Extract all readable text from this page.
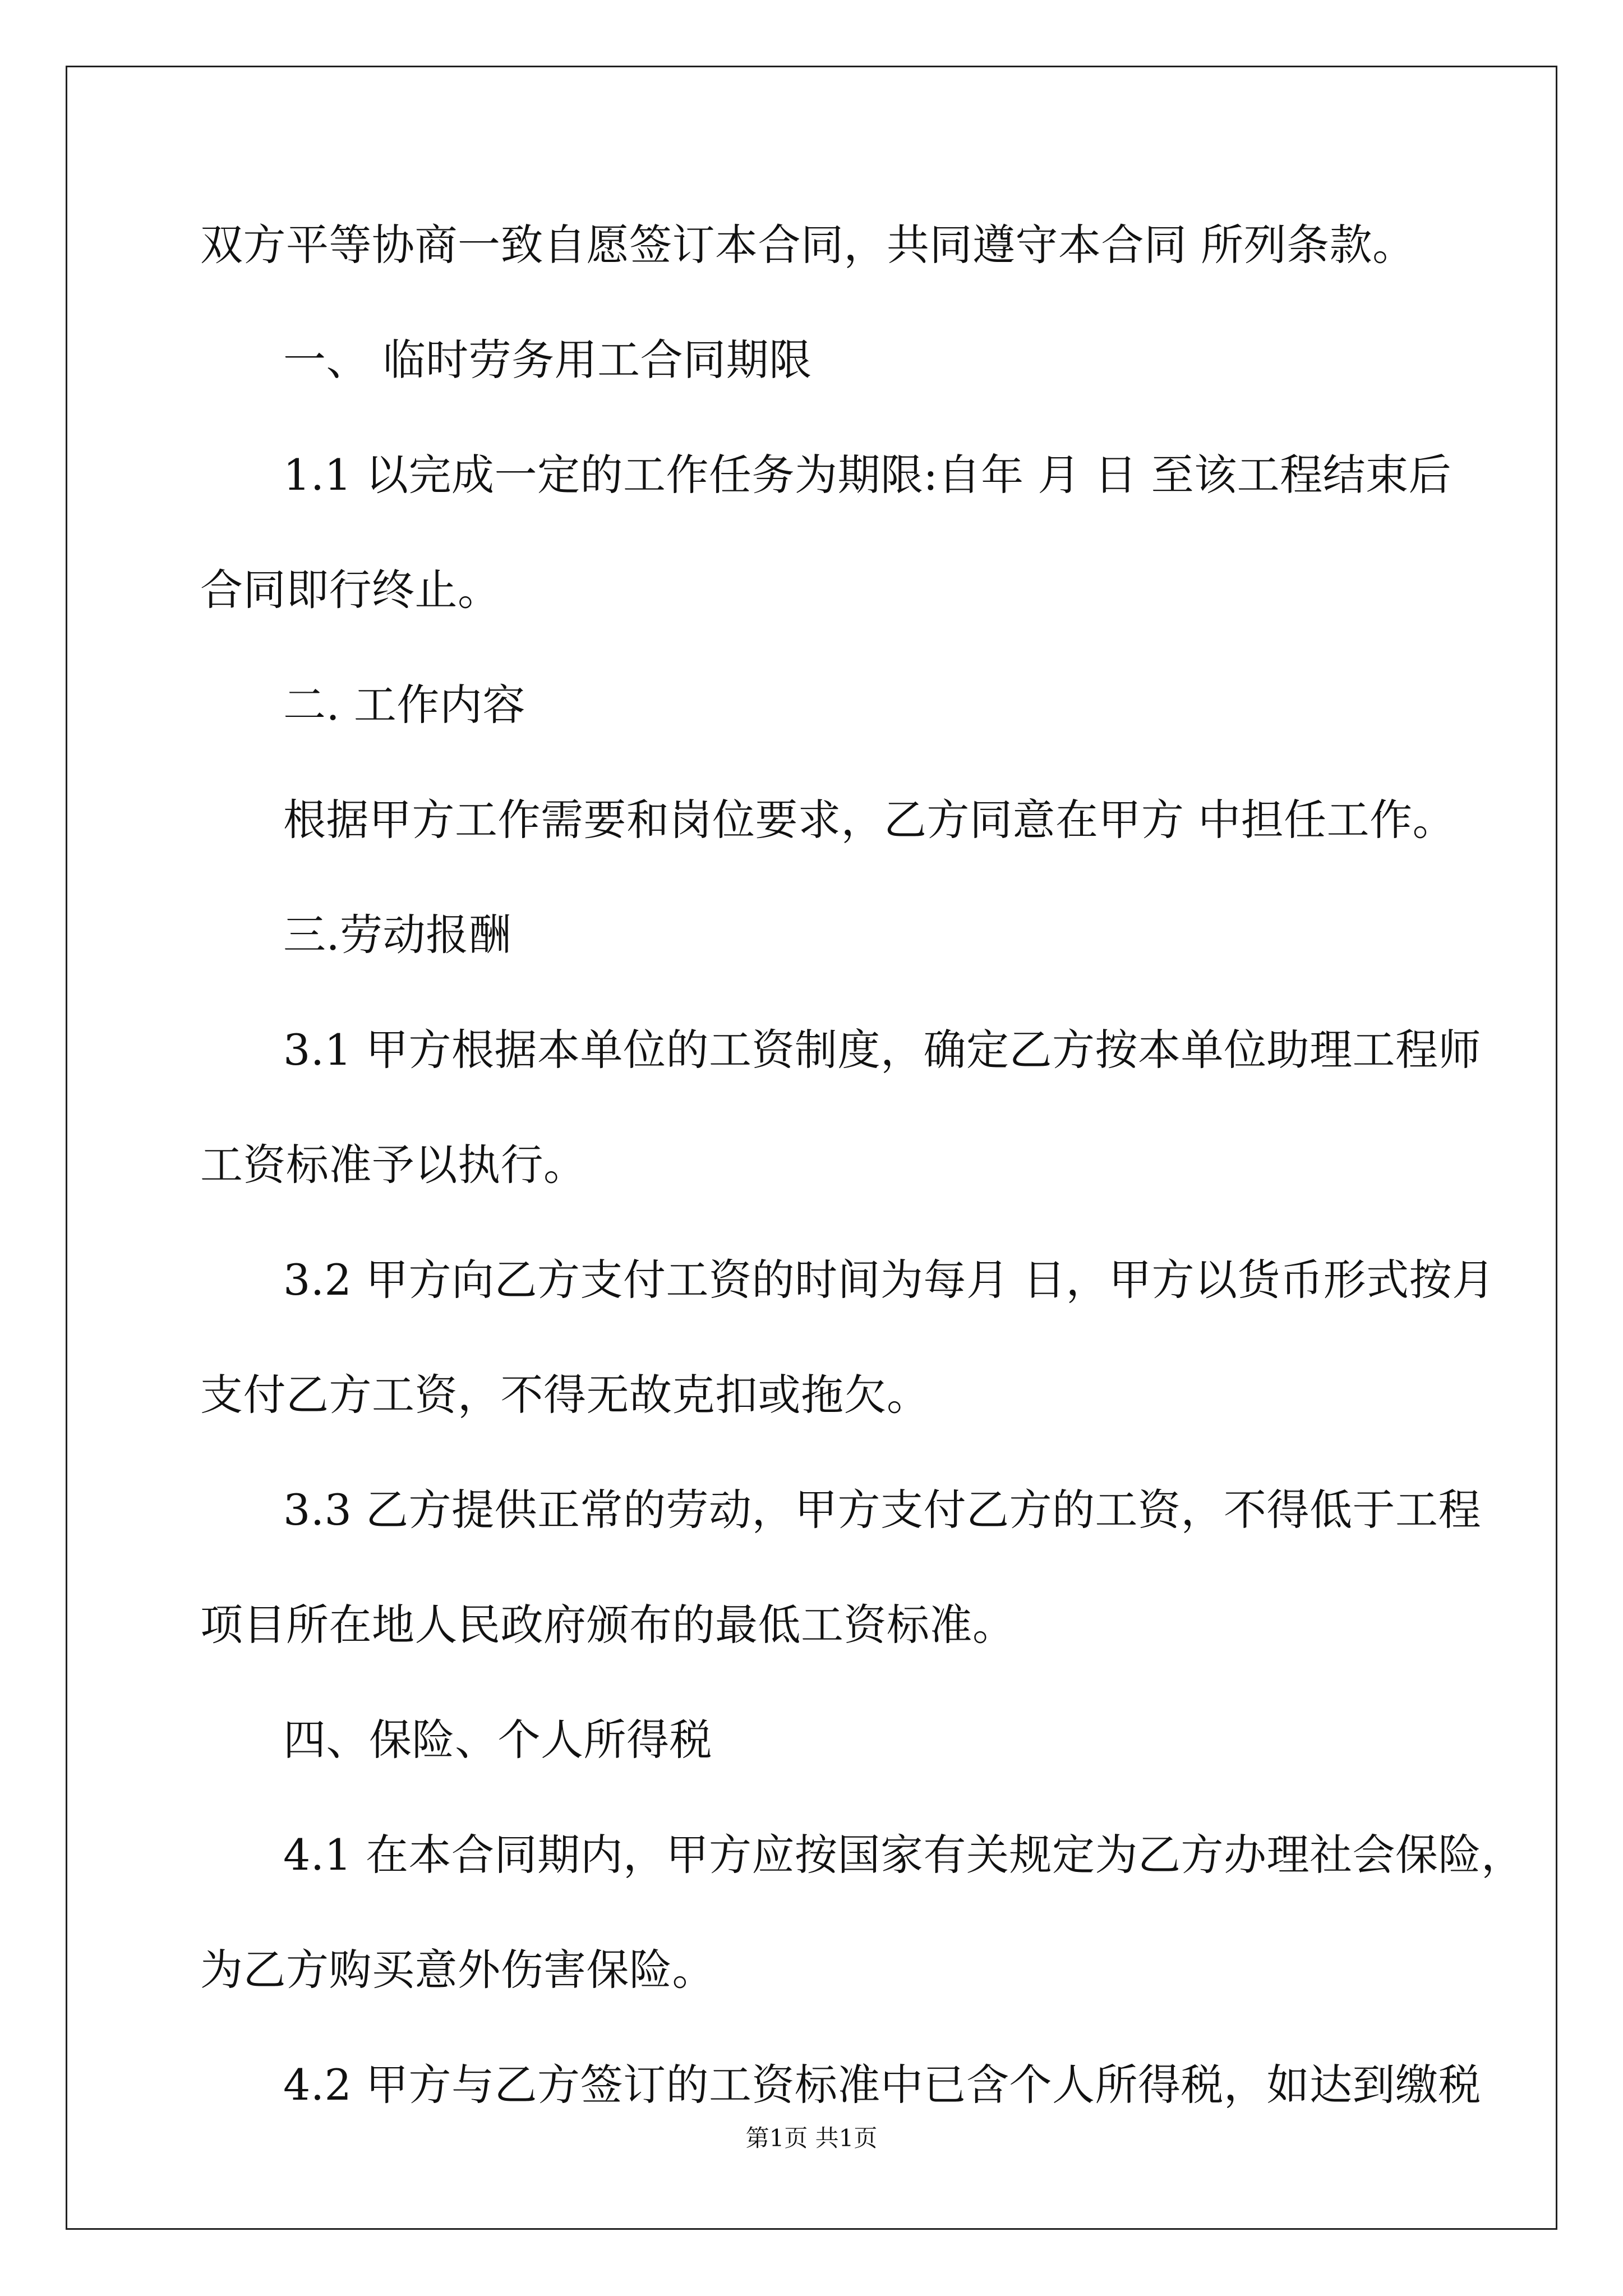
双方平等协商一致自愿签订本合同，共同遵守本合同 所列条款。
一、 临时劳务用工合同期限
1.1 以完成一定的工作任务为期限:自年 月 日 至该工程结束后
合同即行终止。
二. 工作内容
根据甲方工作需要和岗位要求，乙方同意在甲方 中担任工作。
三.劳动报酬
3.1 甲方根据本单位的工资制度，确定乙方按本单位助理工程师
工资标准予以执行。
3.2 甲方向乙方支付工资的时间为每月 日，甲方以货币形式按月
支付乙方工资，不得无故克扣或拖欠。
3.3 乙方提供正常的劳动，甲方支付乙方的工资，不得低于工程
项目所在地人民政府颁布的最低工资标准。
四、保险、个人所得税
4.1 在本合同期内，甲方应按国家有关规定为乙方办理社会保险，
为乙方购买意外伤害保险。
4.2 甲方与乙方签订的工资标准中已含个人所得税，如达到缴税
第1页 共1页
